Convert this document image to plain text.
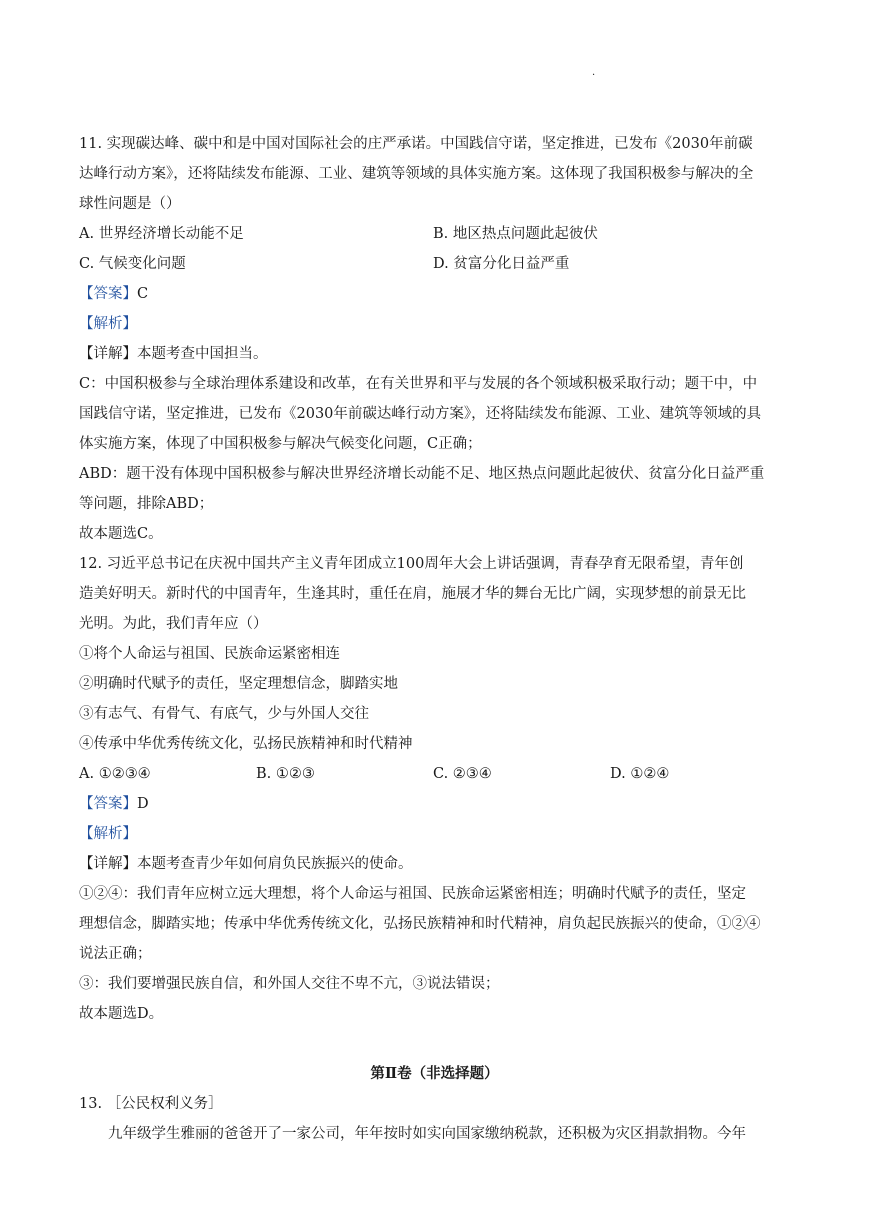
.
11. 实现碳达峰、碳中和是中国对国际社会的庄严承诺。中国践信守诺，坚定推进，已发布《2030年前碳
达峰行动方案》，还将陆续发布能源、工业、建筑等领域的具体实施方案。这体现了我国积极参与解决的全
球性问题是（）
A. 世界经济增长动能不足	B. 地区热点问题此起彼伏
C. 气候变化问题	D. 贫富分化日益严重
【答案】C
【解析】
【详解】本题考查中国担当。
C：中国积极参与全球治理体系建设和改革，在有关世界和平与发展的各个领域积极采取行动；题干中，中
国践信守诺，坚定推进，已发布《2030年前碳达峰行动方案》，还将陆续发布能源、工业、建筑等领域的具
体实施方案，体现了中国积极参与解决气候变化问题，C正确；
ABD：题干没有体现中国积极参与解决世界经济增长动能不足、地区热点问题此起彼伏、贫富分化日益严重
等问题，排除ABD；
故本题选C。
12. 习近平总书记在庆祝中国共产主义青年团成立100周年大会上讲话强调，青春孕育无限希望，青年创
造美好明天。新时代的中国青年，生逢其时，重任在肩，施展才华的舞台无比广阔，实现梦想的前景无比
光明。为此，我们青年应（）
①将个人命运与祖国、民族命运紧密相连
②明确时代赋予的责任，坚定理想信念，脚踏实地
③有志气、有骨气、有底气，少与外国人交往
④传承中华优秀传统文化，弘扬民族精神和时代精神
A. ①②③④	B. ①②③	C. ②③④	D. ①②④
【答案】D
【解析】
【详解】本题考查青少年如何肩负民族振兴的使命。
①②④：我们青年应树立远大理想，将个人命运与祖国、民族命运紧密相连；明确时代赋予的责任，坚定
理想信念，脚踏实地；传承中华优秀传统文化，弘扬民族精神和时代精神，肩负起民族振兴的使命，①②④
说法正确；
③：我们要增强民族自信，和外国人交往不卑不亢，③说法错误；
故本题选D。
第Ⅱ卷（非选择题）
13. ［公民权利义务］
九年级学生雅丽的爸爸开了一家公司，年年按时如实向国家缴纳税款，还积极为灾区捐款捐物。今年
